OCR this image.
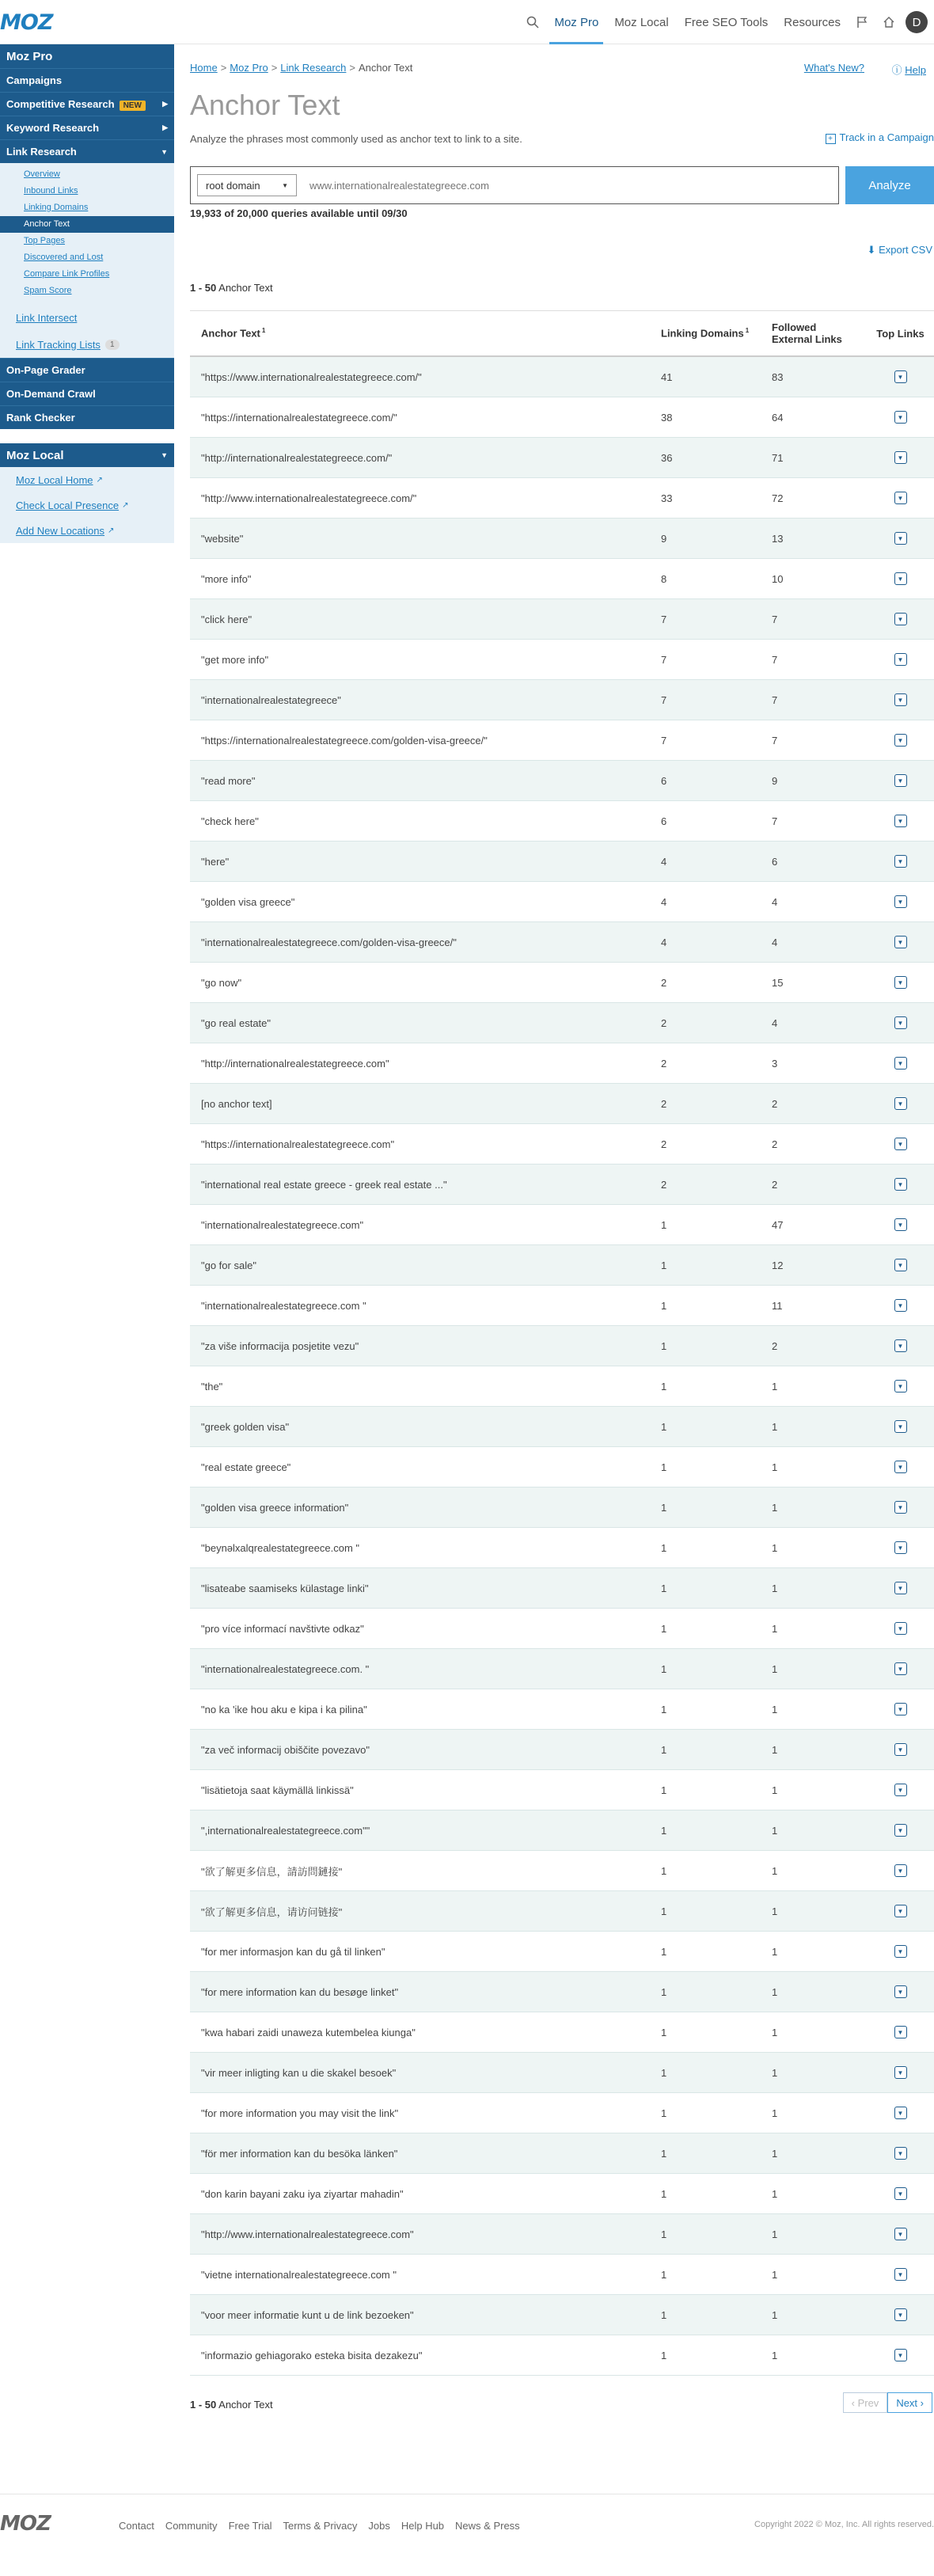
MOZ	Moz Pro	Moz Local	Free SEO Tools	Resources	D
Moz Pro
Campaigns
Competitive Research NEW	▶
Keyword Research	▶
Link Research	▼
Overview
Inbound Links
Linking Domains
Anchor Text
Top Pages
Discovered and Lost
Compare Link Profiles
Spam Score
Link Intersect
Link Tracking Lists	1
On-Page Grader
On-Demand Crawl
Rank Checker
Moz Local	▼
Moz Local Home ↗
Check Local Presence ↗
Add New Locations ↗
Home > Moz Pro > Link Research > Anchor Text	What's New?	ⓘ Help
Anchor Text
Analyze the phrases most commonly used as anchor text to link to a site.	+ Track in a Campaign
root domain	▼
www.internationalrealestategreece.com	Analyze
19,933 of 20,000 queries available until 09/30
⬇ Export CSV
1 - 50 Anchor Text
Anchor Text $^1$	Linking Domains $^1$	Followed
External Links	Top Links
"https://www.internationalrealestategreece.com/"	41	83	▼
"https://internationalrealestategreece.com/"	38	64	▼
"http://internationalrealestategreece.com/"	36	71	▼
"http://www.internationalrealestategreece.com/"	33	72	▼
"website"	9	13	▼
"more info"	8	10	▼
"click here"	7	7	▼
"get more info"	7	7	▼
"internationalrealestategreece"	7	7	▼
"https://internationalrealestategreece.com/golden-visa-greece/"	7	7	▼
"read more"	6	9	▼
"check here"	6	7	▼
"here"	4	6	▼
"golden visa greece"	4	4	▼
"internationalrealestategreece.com/golden-visa-greece/"	4	4	▼
"go now"	2	15	▼
"go real estate"	2	4	▼
"http://internationalrealestategreece.com"	2	3	▼
[no anchor text]	2	2	▼
"https://internationalrealestategreece.com"	2	2	▼
"international real estate greece - greek real estate ..."	2	2	▼
"internationalrealestategreece.com"	1	47	▼
"go for sale"	1	12	▼
"internationalrealestategreece.com "	1	11	▼
"za više informacija posjetite vezu"	1	2	▼
"the"	1	1	▼
"greek golden visa"	1	1	▼
"real estate greece"	1	1	▼
"golden visa greece information"	1	1	▼
"beynəlxalqrealestategreece.com "	1	1	▼
"lisateabe saamiseks külastage linki"	1	1	▼
"pro více informací navštivte odkaz"	1	1	▼
"internationalrealestategreece.com. "	1	1	▼
"no ka 'ike hou aku e kipa i ka pilina"	1	1	▼
"za več informacij obiščite povezavo"	1	1	▼
"lisätietoja saat käymällä linkissä"	1	1	▼
",internationalrealestategreece.com""	1	1	▼
"欲了解更多信息，請訪問鏈接"	1	1	▼
"欲了解更多信息，请访问链接"	1	1	▼
"for mer informasjon kan du gå til linken"	1	1	▼
"for mere information kan du besøge linket"	1	1	▼
"kwa habari zaidi unaweza kutembelea kiunga"	1	1	▼
"vir meer inligting kan u die skakel besoek"	1	1	▼
"for more information you may visit the link"	1	1	▼
"för mer information kan du besöka länken"	1	1	▼
"don karin bayani zaku iya ziyartar mahadin"	1	1	▼
"http://www.internationalrealestategreece.com"	1	1	▼
"vietne internationalrealestategreece.com "	1	1	▼
"voor meer informatie kunt u de link bezoeken"	1	1	▼
"informazio gehiagorako esteka bisita dezakezu"	1	1	▼
1 - 50 Anchor Text	‹ Prev Next ›
MOZ	Contact Community Free Trial Terms & Privacy Jobs Help Hub News & Press	Copyright 2022 © Moz, Inc. All rights reserved.
